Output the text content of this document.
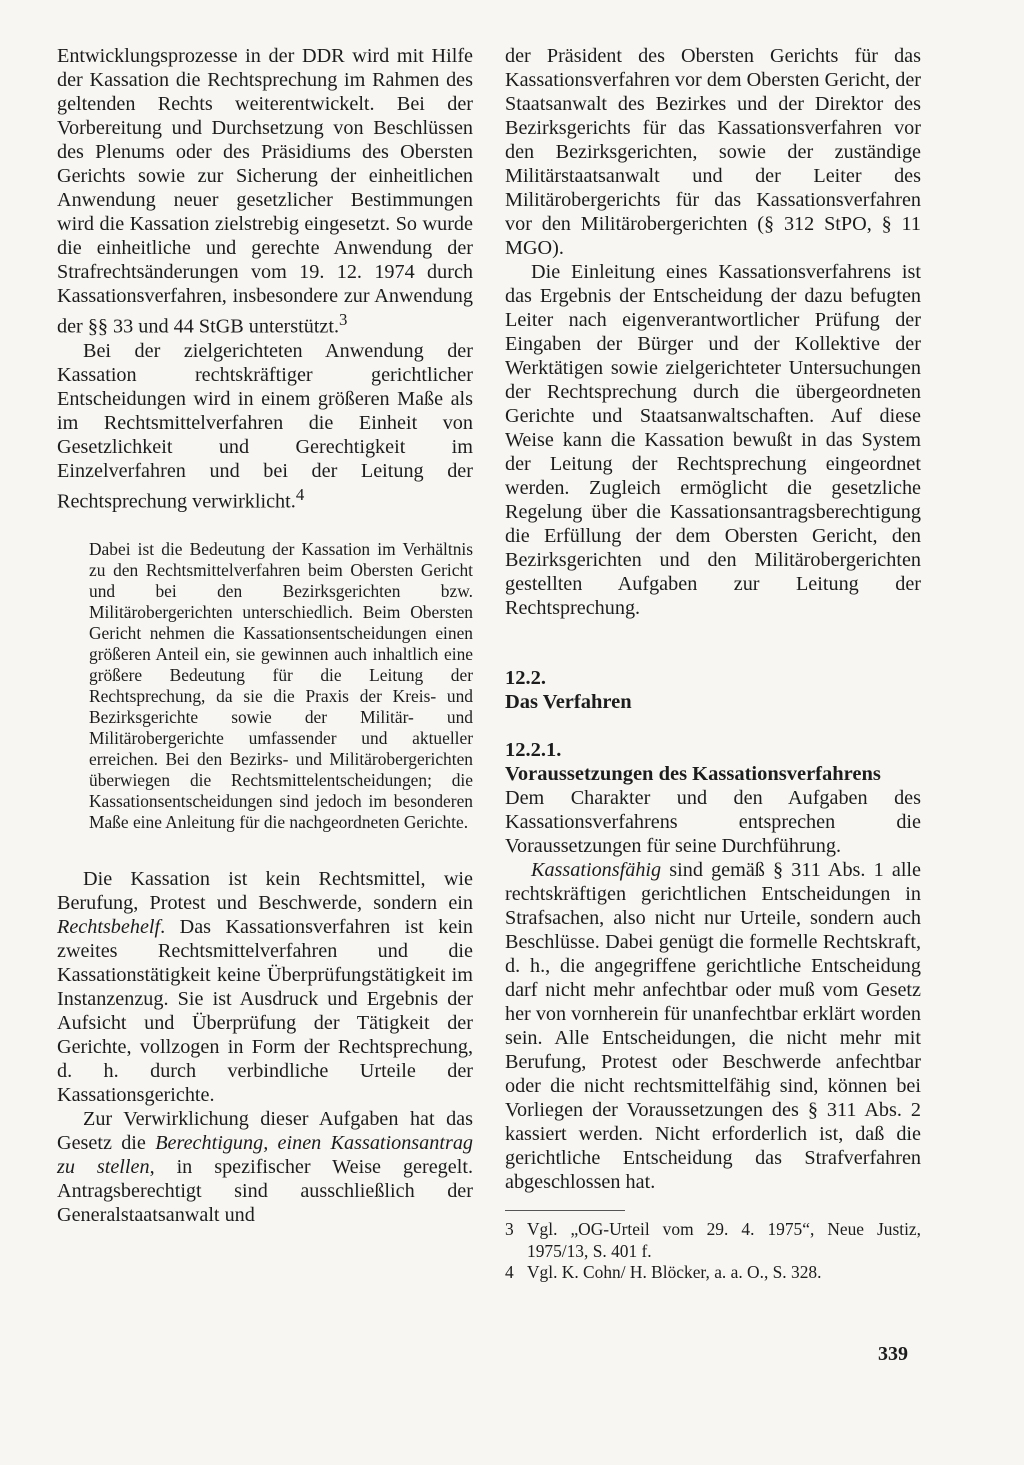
Entwicklungsprozesse in der DDR wird mit Hilfe der Kassation die Rechtsprechung im Rahmen des geltenden Rechts weiterentwickelt. Bei der Vorbereitung und Durchsetzung von Beschlüssen des Plenums oder des Präsidiums des Obersten Gerichts sowie zur Sicherung der einheitlichen Anwendung neuer gesetzlicher Bestimmungen wird die Kassation zielstrebig eingesetzt. So wurde die einheitliche und gerechte Anwendung der Strafrechtsänderungen vom 19. 12. 1974 durch Kassationsverfahren, insbesondere zur Anwendung der §§ 33 und 44 StGB unterstützt.$^3$

Bei der zielgerichteten Anwendung der Kassation rechtskräftiger gerichtlicher Entscheidungen wird in einem größeren Maße als im Rechtsmittelverfahren die Einheit von Gesetzlichkeit und Gerechtigkeit im Einzelverfahren und bei der Leitung der Rechtsprechung verwirklicht.$^4$

Dabei ist die Bedeutung der Kassation im Verhältnis zu den Rechtsmittelverfahren beim Obersten Gericht und bei den Bezirksgerichten bzw. Militärobergerichten unterschiedlich. Beim Obersten Gericht nehmen die Kassationsentscheidungen einen größeren Anteil ein, sie gewinnen auch inhaltlich eine größere Bedeutung für die Leitung der Rechtsprechung, da sie die Praxis der Kreis- und Bezirksgerichte sowie der Militär- und Militärobergerichte umfassender und aktueller erreichen. Bei den Bezirks- und Militärobergerichten überwiegen die Rechtsmittelentscheidungen; die Kassationsentscheidungen sind jedoch im besonderen Maße eine Anleitung für die nachgeordneten Gerichte.

Die Kassation ist kein Rechtsmittel, wie Berufung, Protest und Beschwerde, sondern ein Rechtsbehelf. Das Kassationsverfahren ist kein zweites Rechtsmittelverfahren und die Kassationstätigkeit keine Überprüfungstätigkeit im Instanzenzug. Sie ist Ausdruck und Ergebnis der Aufsicht und Überprüfung der Tätigkeit der Gerichte, vollzogen in Form der Rechtsprechung, d. h. durch verbindliche Urteile der Kassationsgerichte.

Zur Verwirklichung dieser Aufgaben hat das Gesetz die Berechtigung, einen Kassationsantrag zu stellen, in spezifischer Weise geregelt. Antragsberechtigt sind ausschließlich der Generalstaatsanwalt und

der Präsident des Obersten Gerichts für das Kassationsverfahren vor dem Obersten Gericht, der Staatsanwalt des Bezirkes und der Direktor des Bezirksgerichts für das Kassationsverfahren vor den Bezirksgerichten, sowie der zuständige Militärstaatsanwalt und der Leiter des Militärobergerichts für das Kassationsverfahren vor den Militärobergerichten (§ 312 StPO, § 11 MGO).

Die Einleitung eines Kassationsverfahrens ist das Ergebnis der Entscheidung der dazu befugten Leiter nach eigenverantwortlicher Prüfung der Eingaben der Bürger und der Kollektive der Werktätigen sowie zielgerichteter Untersuchungen der Rechtsprechung durch die übergeordneten Gerichte und Staatsanwaltschaften. Auf diese Weise kann die Kassation bewußt in das System der Leitung der Rechtsprechung eingeordnet werden. Zugleich ermöglicht die gesetzliche Regelung über die Kassationsantragsberechtigung die Erfüllung der dem Obersten Gericht, den Bezirksgerichten und den Militärobergerichten gestellten Aufgaben zur Leitung der Rechtsprechung.

12.2.

Das Verfahren

12.2.1.

Voraussetzungen des Kassationsverfahrens

Dem Charakter und den Aufgaben des Kassationsverfahrens entsprechen die Voraussetzungen für seine Durchführung.

Kassationsfähig sind gemäß § 311 Abs. 1 alle rechtskräftigen gerichtlichen Entscheidungen in Strafsachen, also nicht nur Urteile, sondern auch Beschlüsse. Dabei genügt die formelle Rechtskraft, d. h., die angegriffene gerichtliche Entscheidung darf nicht mehr anfechtbar oder muß vom Gesetz her von vornherein für unanfechtbar erklärt worden sein. Alle Entscheidungen, die nicht mehr mit Berufung, Protest oder Beschwerde anfechtbar oder die nicht rechtsmittelfähig sind, können bei Vorliegen der Voraussetzungen des § 311 Abs. 2 kassiert werden. Nicht erforderlich ist, daß die gerichtliche Entscheidung das Strafverfahren abgeschlossen hat.

3 Vgl. „OG-Urteil vom 29. 4. 1975“, Neue Justiz, 1975/13, S. 401 f.

4 Vgl. K. Cohn/ H. Blöcker, a. a. O., S. 328.

339
